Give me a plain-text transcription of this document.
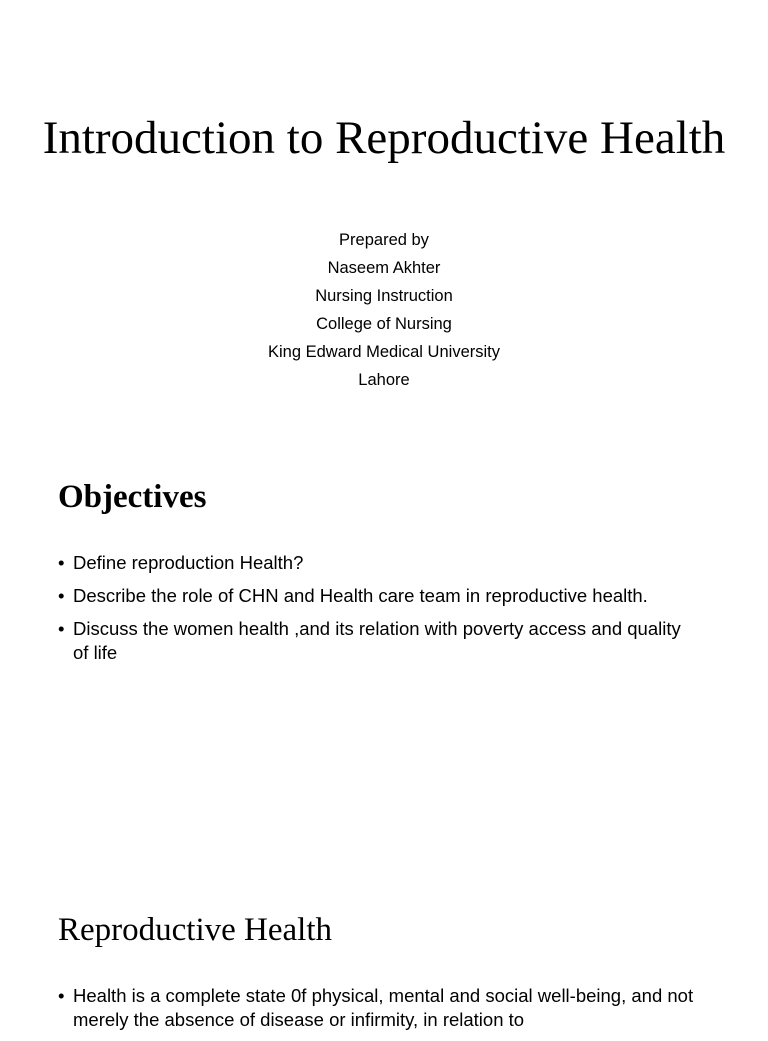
Introduction to Reproductive Health
Prepared by
Naseem Akhter
Nursing Instruction
College of Nursing
King Edward Medical University
Lahore
Objectives
• Define reproduction Health?
• Describe the role of CHN and Health care team in reproductive health.
• Discuss the women health ,and its relation with poverty access and quality of life
Reproductive Health
• Health is a complete state 0f physical, mental and social well-being, and not merely the absence of disease or infirmity, in relation to
